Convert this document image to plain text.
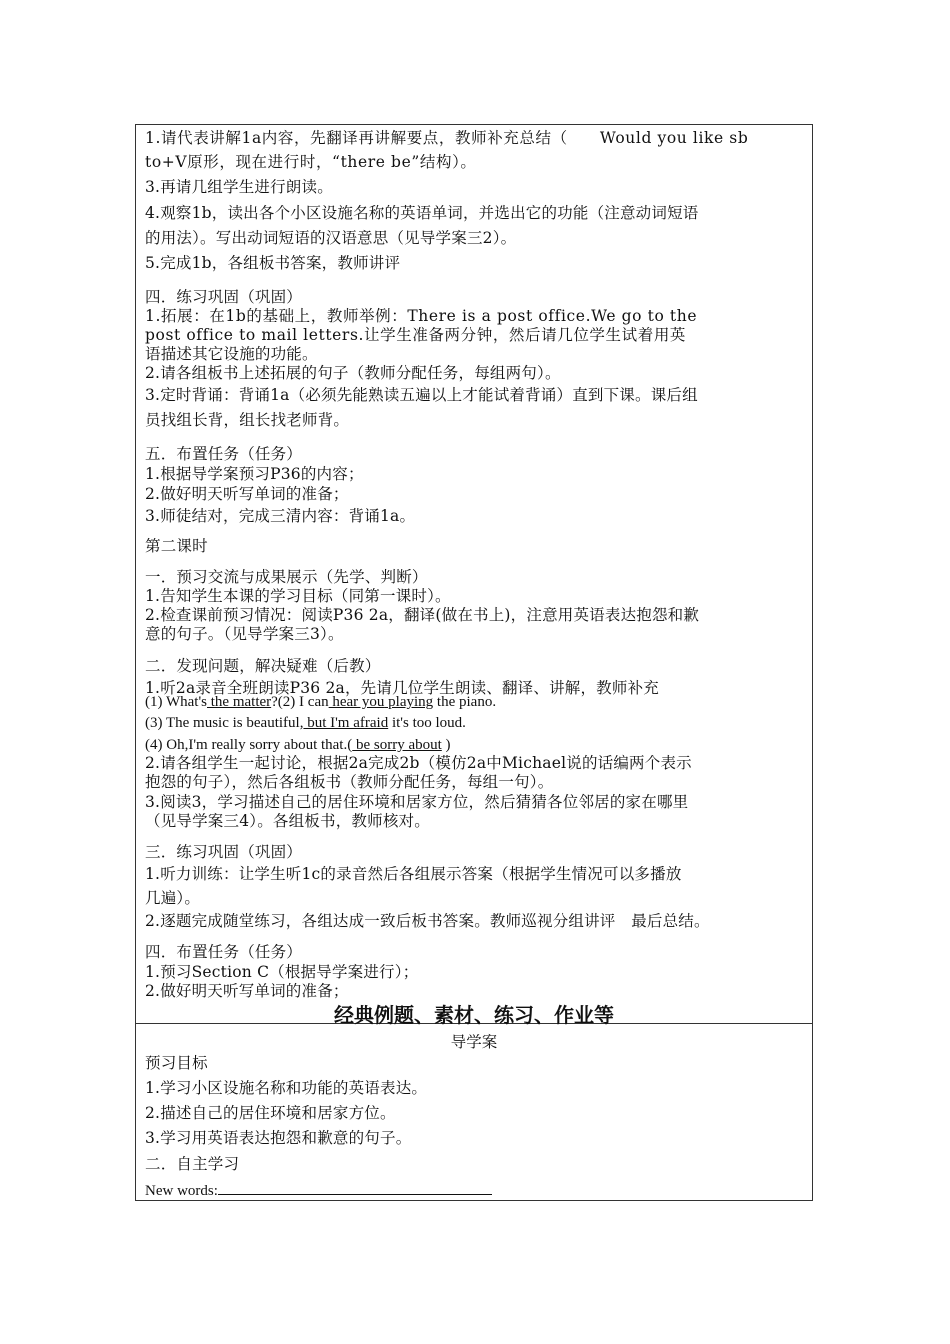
1.请代表讲解1a内容，先翻译再讲解要点，教师补充总结（　　Would you like sb
to+V原形，现在进行时，“there be”结构）。
3.再请几组学生进行朗读。
4.观察1b，读出各个小区设施名称的英语单词，并选出它的功能（注意动词短语
的用法）。写出动词短语的汉语意思（见导学案三2）。
5.完成1b，各组板书答案，教师讲评
四．练习巩固（巩固）
1.拓展：在1b的基础上，教师举例：There is a post office.We go to the
post office to mail letters.让学生准备两分钟，然后请几位学生试着用英
语描述其它设施的功能。
2.请各组板书上述拓展的句子（教师分配任务，每组两句）。
3.定时背诵：背诵1a（必须先能熟读五遍以上才能试着背诵）直到下课。课后组
员找组长背，组长找老师背。
五．布置任务（任务）
1.根据导学案预习P36的内容；
2.做好明天听写单词的准备；
3.师徒结对，完成三清内容：背诵1a。
第二课时
一．预习交流与成果展示（先学、判断）
1.告知学生本课的学习目标（同第一课时）。
2.检查课前预习情况：阅读P36 2a，翻译(做在书上)，注意用英语表达抱怨和歉
意的句子。（见导学案三3）。
二．发现问题，解决疑难（后教）
1.听2a录音全班朗读P36 2a，先请几位学生朗读、翻译、讲解，教师补充
(1) What's the matter?(2) I can hear you playing the piano.
(3) The music is beautiful, but I'm afraid it's too loud.
(4) Oh,I'm really sorry about that.( be sorry about )
2.请各组学生一起讨论，根据2a完成2b（模仿2a中Michael说的话编两个表示
抱怨的句子），然后各组板书（教师分配任务，每组一句）。
3.阅读3，学习描述自己的居住环境和居家方位，然后猜猜各位邻居的家在哪里
（见导学案三4）。各组板书，教师核对。
三．练习巩固（巩固）
1.听力训练：让学生听1c的录音然后各组展示答案（根据学生情况可以多播放
几遍）。
2.逐题完成随堂练习，各组达成一致后板书答案。教师巡视分组讲评　最后总结。
四．布置任务（任务）
1.预习Section C（根据导学案进行）；
2.做好明天听写单词的准备；
经典例题、素材、练习、作业等
导学案
预习目标
1.学习小区设施名称和功能的英语表达。
2.描述自己的居住环境和居家方位。
3.学习用英语表达抱怨和歉意的句子。
二．自主学习
New words:
